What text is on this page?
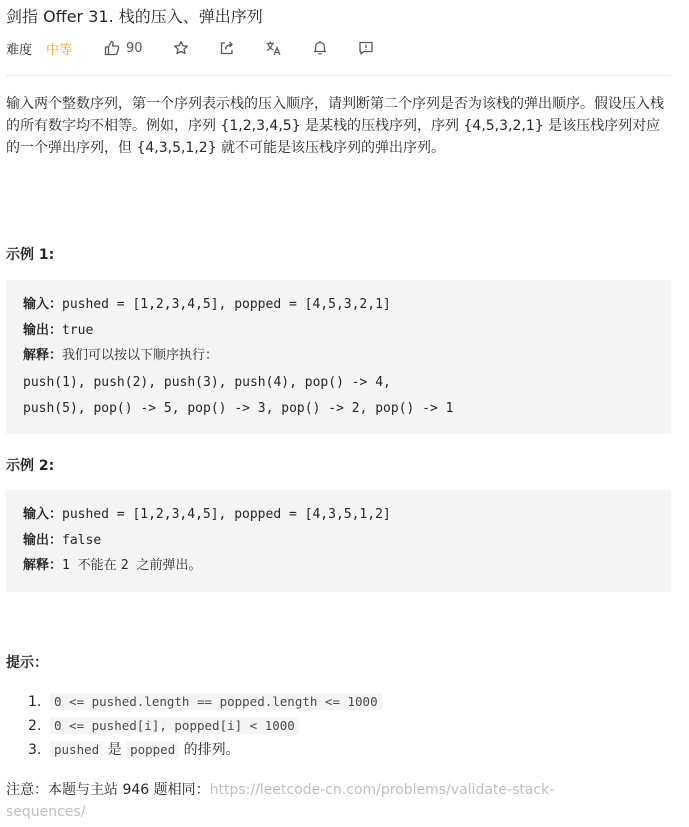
剑指 Offer 31. 栈的压入、弹出序列
难度 中等	90
输入两个整数序列，第一个序列表示栈的压入顺序，请判断第二个序列是否为该栈的弹出顺序。假设压入栈的所有数字均不相等。例如，序列 {1,2,3,4,5} 是某栈的压栈序列，序列 {4,5,3,2,1} 是该压栈序列对应的一个弹出序列，但 {4,3,5,1,2} 就不可能是该压栈序列的弹出序列。
示例 1:
输入：pushed = [1,2,3,4,5], popped = [4,5,3,2,1]
输出：true
解释：我们可以按以下顺序执行：
push(1), push(2), push(3), push(4), pop() -> 4,
push(5), pop() -> 5, pop() -> 3, pop() -> 2, pop() -> 1
示例 2:
输入：pushed = [1,2,3,4,5], popped = [4,3,5,1,2]
输出：false
解释：1 不能在 2 之前弹出。
提示：
1.	0 <= pushed.length == popped.length <= 1000
2.	0 <= pushed[i], popped[i] < 1000
3.	pushed 是 popped 的排列。
注意：本题与主站 946 题相同：https://leetcode-cn.com/problems/validate-stack-sequences/
